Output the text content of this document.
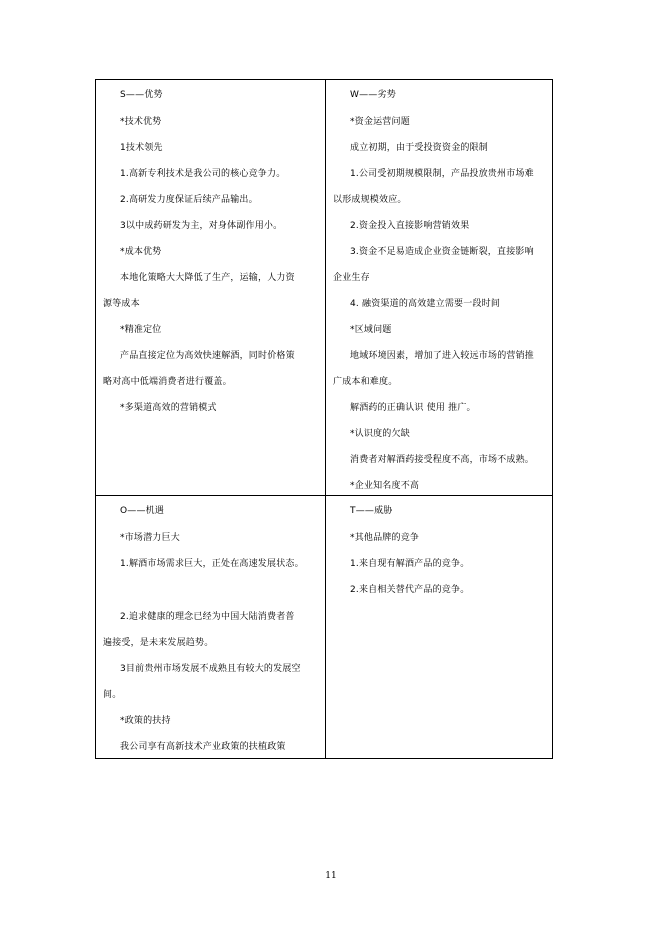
S——优势
*技术优势
1技术领先
1.高新专利技术是我公司的核心竞争力。
2.高研发力度保证后续产品输出。
3以中成药研发为主，对身体副作用小。
*成本优势
本地化策略大大降低了生产，运输，人力资
源等成本
*精准定位
产品直接定位为高效快速解酒，同时价格策
略对高中低端消费者进行覆盖。
*多渠道高效的营销模式
W——劣势
*资金运营问题
成立初期，由于受投资资金的限制
1.公司受初期规模限制，产品投放贵州市场难
以形成规模效应。
2.资金投入直接影响营销效果
3.资金不足易造成企业资金链断裂，直接影响
企业生存
4. 融资渠道的高效建立需要一段时间
*区域问题
地域环境因素，增加了进入较远市场的营销推
广成本和难度。
解酒药的正确认识 使用 推广。
*认识度的欠缺
消费者对解酒药接受程度不高，市场不成熟。
*企业知名度不高
O——机遇
*市场潜力巨大
1.解酒市场需求巨大，正处在高速发展状态。
2.追求健康的理念已经为中国大陆消费者普
遍接受，是未来发展趋势。
3目前贵州市场发展不成熟且有较大的发展空
间。
*政策的扶持
我公司享有高新技术产业政策的扶植政策
T——威胁
*其他品牌的竞争
1.来自现有解酒产品的竞争。
2.来自相关替代产品的竞争。
11
